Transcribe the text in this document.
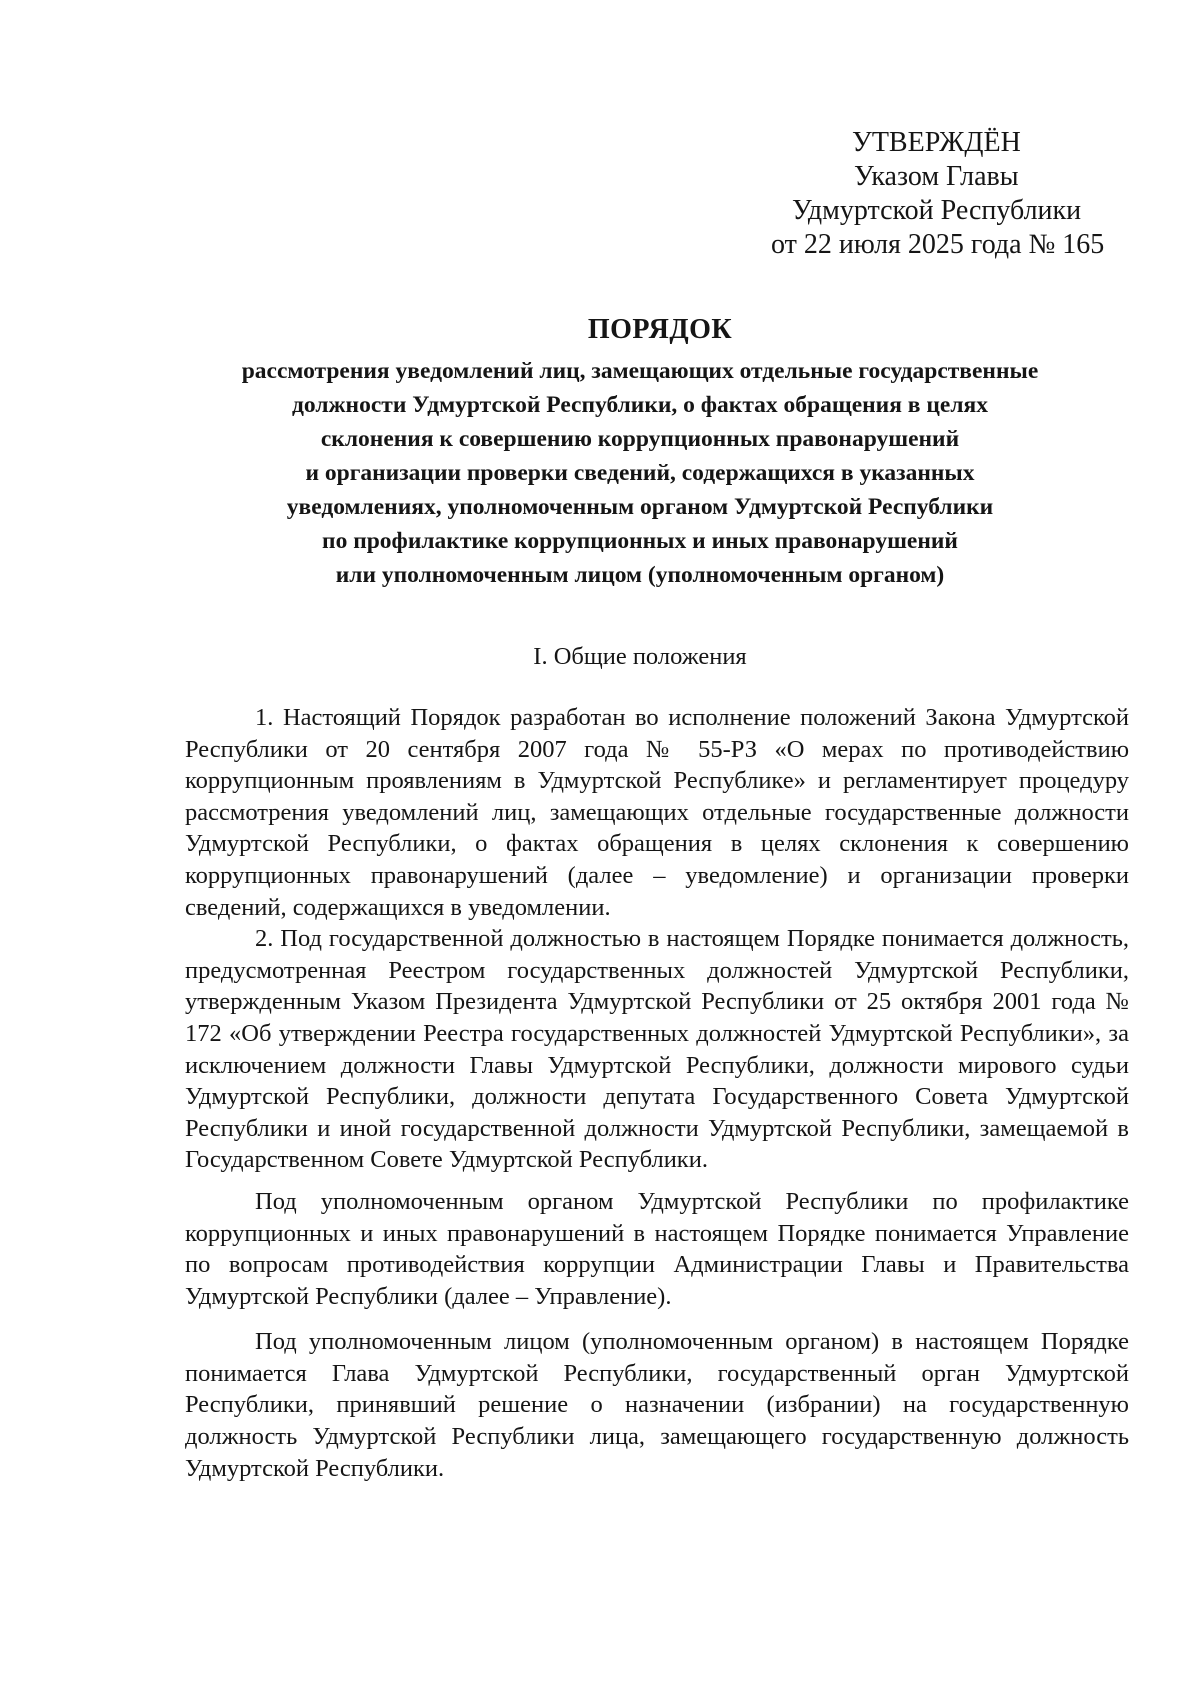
УТВЕРЖДЁН
Указом Главы
Удмуртской Республики
от 22 июля 2025 года № 165
ПОРЯДОК
рассмотрения уведомлений лиц, замещающих отдельные государственные
должности Удмуртской Республики, о фактах обращения в целях
склонения к совершению коррупционных правонарушений
и организации проверки сведений, содержащихся в указанных
уведомлениях, уполномоченным органом Удмуртской Республики
по профилактике коррупционных и иных правонарушений
или уполномоченным лицом (уполномоченным органом)
I. Общие положения

1. Настоящий Порядок разработан во исполнение положений Закона Удмуртской Республики от 20 сентября 2007 года № 55-РЗ «О мерах по противодействию коррупционным проявлениям в Удмуртской Республике» и регламентирует процедуру рассмотрения уведомлений лиц, замещающих отдельные государственные должности Удмуртской Республики, о фактах обращения в целях склонения к совершению коррупционных правонарушений (далее – уведомление) и организации проверки сведений, содержащихся в уведомлении.

2. Под государственной должностью в настоящем Порядке понимается должность, предусмотренная Реестром государственных должностей Удмуртской Республики, утвержденным Указом Президента Удмуртской Республики от 25 октября 2001 года № 172 «Об утверждении Реестра государственных должностей Удмуртской Республики», за исключением должности Главы Удмуртской Республики, должности мирового судьи Удмуртской Республики, должности депутата Государственного Совета Удмуртской Республики и иной государственной должности Удмуртской Республики, замещаемой в Государственном Совете Удмуртской Республики.

Под уполномоченным органом Удмуртской Республики по профилактике коррупционных и иных правонарушений в настоящем Порядке понимается Управление по вопросам противодействия коррупции Администрации Главы и Правительства Удмуртской Республики (далее – Управление).

Под уполномоченным лицом (уполномоченным органом) в настоящем Порядке понимается Глава Удмуртской Республики, государственный орган Удмуртской Республики, принявший решение о назначении (избрании) на государственную должность Удмуртской Республики лица, замещающего государственную должность Удмуртской Республики.
